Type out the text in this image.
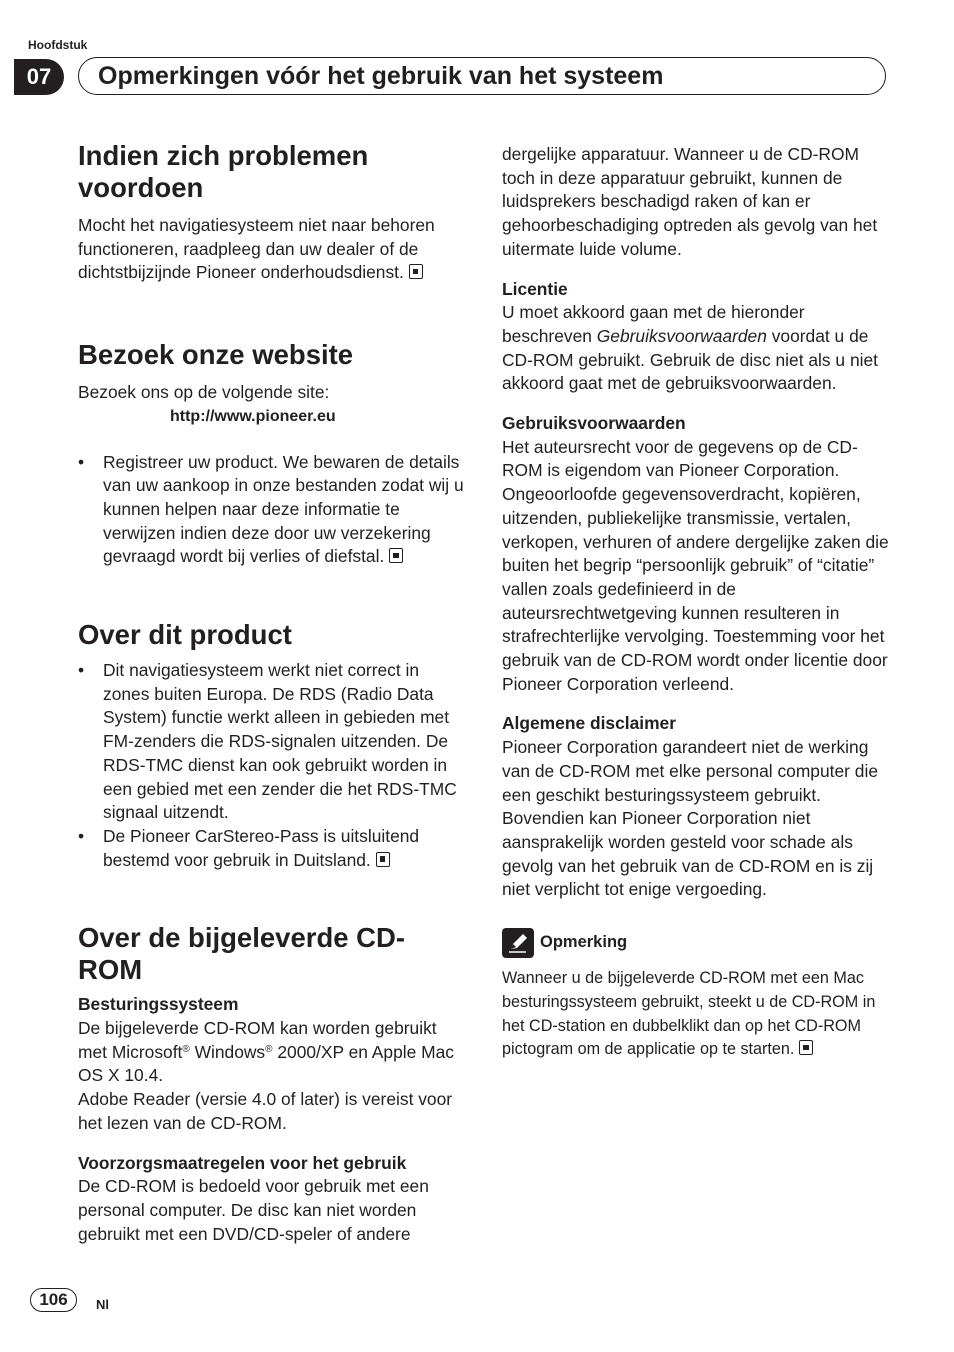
Hoofdstuk
07	Opmerkingen vóór het gebruik van het systeem
Indien zich problemen voordoen

Mocht het navigatiesysteem niet naar behoren functioneren, raadpleeg dan uw dealer of de dichtstbijzijnde Pioneer onderhoudsdienst.

Bezoek onze website

Bezoek ons op de volgende site:

http://www.pioneer.eu

• Registreer uw product. We bewaren de details van uw aankoop in onze bestanden zodat wij u kunnen helpen naar deze informatie te verwijzen indien deze door uw verzekering gevraagd wordt bij verlies of diefstal.
Over dit product
• Dit navigatiesysteem werkt niet correct in zones buiten Europa. De RDS (Radio Data System) functie werkt alleen in gebieden met FM-zenders die RDS-signalen uitzenden. De RDS-TMC dienst kan ook gebruikt worden in een gebied met een zender die het RDS-TMC signaal uitzendt.
• De Pioneer CarStereo-Pass is uitsluitend bestemd voor gebruik in Duitsland.
Over de bijgeleverde CD-ROM
Besturingssysteem

De bijgeleverde CD-ROM kan worden gebruikt met Microsoft® Windows® 2000/XP en Apple Mac OS X 10.4.

Adobe Reader (versie 4.0 of later) is vereist voor het lezen van de CD-ROM.

Voorzorgsmaatregelen voor het gebruik

De CD-ROM is bedoeld voor gebruik met een personal computer. De disc kan niet worden gebruikt met een DVD/CD-speler of andere

dergelijke apparatuur. Wanneer u de CD-ROM toch in deze apparatuur gebruikt, kunnen de luidsprekers beschadigd raken of kan er gehoorbeschadiging optreden als gevolg van het uitermate luide volume.

Licentie

U moet akkoord gaan met de hieronder beschreven Gebruiksvoorwaarden voordat u de CD-ROM gebruikt. Gebruik de disc niet als u niet akkoord gaat met de gebruiksvoorwaarden.

Gebruiksvoorwaarden

Het auteursrecht voor de gegevens op de CD-ROM is eigendom van Pioneer Corporation. Ongeoorloofde gegevensoverdracht, kopiëren, uitzenden, publiekelijke transmissie, vertalen, verkopen, verhuren of andere dergelijke zaken die buiten het begrip “persoonlijk gebruik” of “citatie” vallen zoals gedefinieerd in de auteursrechtwetgeving kunnen resulteren in strafrechterlijke vervolging. Toestemming voor het gebruik van de CD-ROM wordt onder licentie door Pioneer Corporation verleend.

Algemene disclaimer

Pioneer Corporation garandeert niet de werking van de CD-ROM met elke personal computer die een geschikt besturingssysteem gebruikt. Bovendien kan Pioneer Corporation niet aansprakelijk worden gesteld voor schade als gevolg van het gebruik van de CD-ROM en is zij niet verplicht tot enige vergoeding.

Opmerking

Wanneer u de bijgeleverde CD-ROM met een Mac besturingssysteem gebruikt, steekt u de CD-ROM in het CD-station en dubbelklikt dan op het CD-ROM pictogram om de applicatie op te starten.

106	Nl
